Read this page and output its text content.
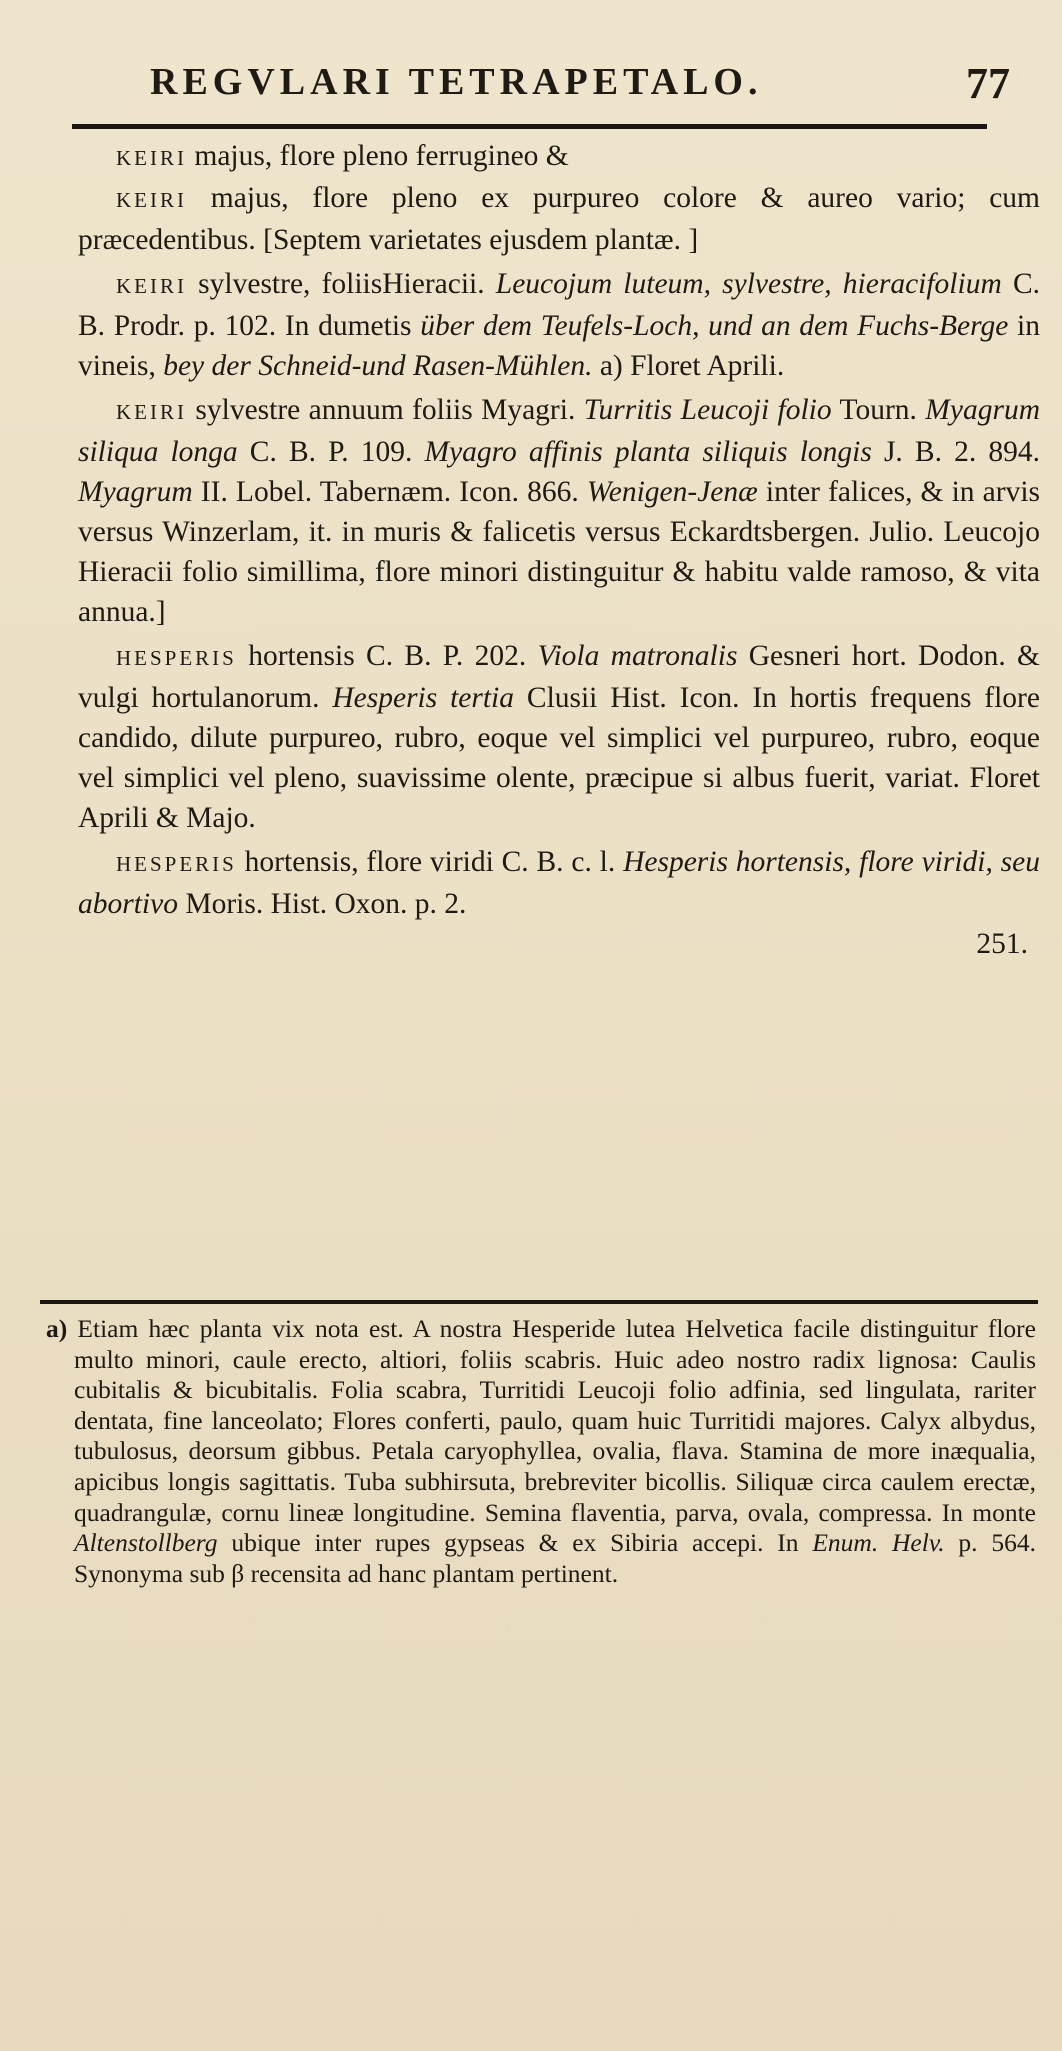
REGVLARI TETRAPETALO.	77

KEIRI majus, flore pleno ferrugineo &

KEIRI majus, flore pleno ex purpureo colore & aureo vario; cum præcedentibus. [Septem varietates ejusdem plantæ. ]

KEIRI sylvestre, foliisHieracii. Leucojum luteum, sylvestre, hieracifolium C. B. Prodr. p. 102. In dumetis über dem Teufels-Loch, und an dem Fuchs-Berge in vineis, bey der Schneid-und Rasen-Mühlen. a) Floret Aprili.

KEIRI sylvestre annuum foliis Myagri. Turritis Leucoji folio Tourn. Myagrum siliqua longa C. B. P. 109. Myagro affinis planta siliquis longis J. B. 2. 894. Myagrum II. Lobel. Tabernæm. Icon. 866. Wenigen-Jenæ inter falices, & in arvis versus Winzerlam, it. in muris & falicetis versus Eckardtsbergen. Julio. Leucojo Hieracii folio simillima, flore minori distinguitur & habitu valde ramoso, & vita annua.]

HESPERIS hortensis C. B. P. 202. Viola matronalis Gesneri hort. Dodon. & vulgi hortulanorum. Hesperis tertia Clusii Hist. Icon. In hortis frequens flore candido, dilute purpureo, rubro, eoque vel simplici vel purpureo, rubro, eoque vel simplici vel pleno, suavissime olente, præcipue si albus fuerit, variat. Floret Aprili & Majo.

HESPERIS hortensis, flore viridi C. B. c. l. Hesperis hortensis, flore viridi, seu abortivo Moris. Hist. Oxon. p. 2.

251.

a) Etiam hæc planta vix nota est. A nostra Hesperide lutea Helvetica facile distinguitur flore multo minori, caule erecto, altiori, foliis scabris. Huic adeo nostro radix lignosa: Caulis cubitalis & bicubitalis. Folia scabra, Turritidi Leucoji folio adfinia, sed lingulata, rariter dentata, fine lanceolato; Flores conferti, paulo, quam huic Turritidi majores. Calyx albydus, tubulosus, deorsum gibbus. Petala caryophyllea, ovalia, flava. Stamina de more inæqualia, apicibus longis sagittatis. Tuba subhirsuta, brebreviter bicollis. Siliquæ circa caulem erectæ, quadrangulæ, cornu lineæ longitudine. Semina flaventia, parva, ovala, compressa. In monte Altenstollberg ubique inter rupes gypseas & ex Sibiria accepi. In Enum. Helv. p. 564. Synonyma sub β recensita ad hanc plantam pertinent.
